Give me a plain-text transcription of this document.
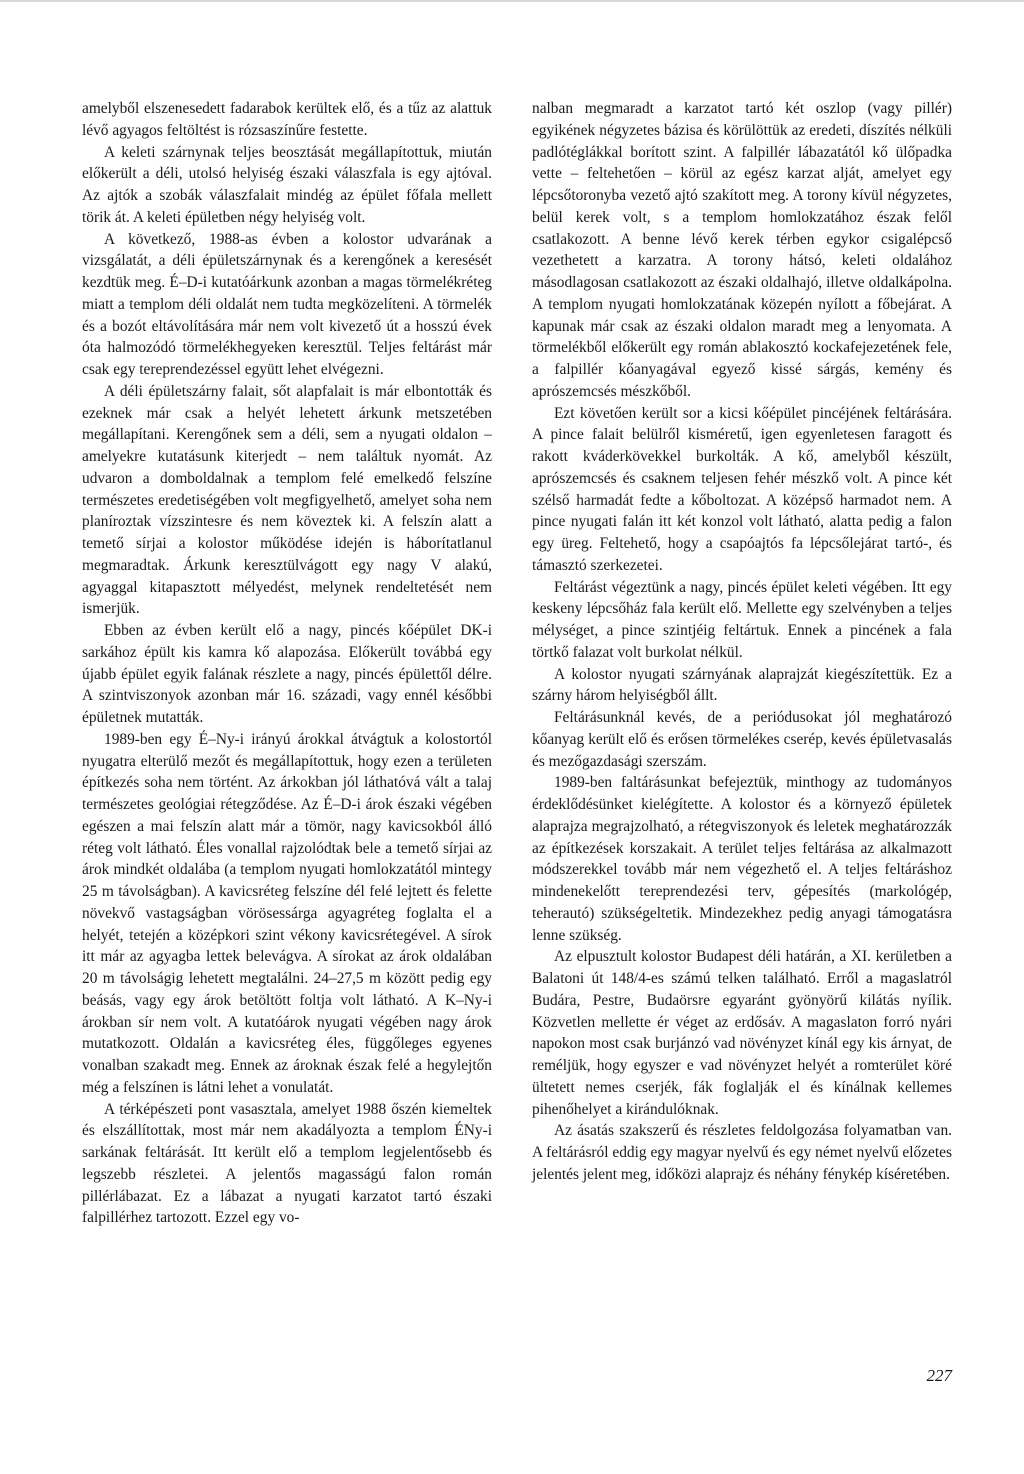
amelyből elszenesedett fadarabok kerültek elő, és a tűz az alattuk lévő agyagos feltöltést is rózsaszínűre festette.

A keleti szárnynak teljes beosztását megállapítottuk, miután előkerült a déli, utolsó helyiség északi válaszfala is egy ajtóval. Az ajtók a szobák válaszfalait mindég az épület főfala mellett törik át. A keleti épületben négy helyiség volt.

A következő, 1988-as évben a kolostor udvarának a vizsgálatát, a déli épületszárnynak és a kerengőnek a keresését kezdtük meg. É–D-i kutatóárkunk azonban a magas törmelékréteg miatt a templom déli oldalát nem tudta megközelíteni. A törmelék és a bozót eltávolítására már nem volt kivezető út a hosszú évek óta halmozódó törmelékhegyeken keresztül. Teljes feltárást már csak egy tereprendezéssel együtt lehet elvégezni.

A déli épületszárny falait, sőt alapfalait is már elbontották és ezeknek már csak a helyét lehetett árkunk metszetében megállapítani. Kerengőnek sem a déli, sem a nyugati oldalon – amelyekre kutatásunk kiterjedt – nem találtuk nyomát. Az udvaron a domboldalnak a templom felé emelkedő felszíne természetes eredetiségében volt megfigyelhető, amelyet soha nem planíroztak vízszintesre és nem köveztek ki. A felszín alatt a temető sírjai a kolostor működése idején is háborítatlanul megmaradtak. Árkunk keresztülvágott egy nagy V alakú, agyaggal kitapasztott mélyedést, melynek rendeltetését nem ismerjük.

Ebben az évben került elő a nagy, pincés kőépület DK-i sarkához épült kis kamra kő alapozása. Előkerült továbbá egy újabb épület egyik falának részlete a nagy, pincés épülettől délre. A szintviszonyok azonban már 16. századi, vagy ennél későbbi épületnek mutatták.

1989-ben egy É–Ny-i irányú árokkal átvágtuk a kolostortól nyugatra elterülő mezőt és megállapítottuk, hogy ezen a területen építkezés soha nem történt. Az árkokban jól láthatóvá vált a talaj természetes geológiai rétegződése. Az É–D-i árok északi végében egészen a mai felszín alatt már a tömör, nagy kavicsokból álló réteg volt látható. Éles vonallal rajzolódtak bele a temető sírjai az árok mindkét oldalába (a templom nyugati homlokzatától mintegy 25 m távolságban). A kavicsréteg felszíne dél felé lejtett és felette növekvő vastagságban vörösessárga agyagréteg foglalta el a helyét, tetején a középkori szint vékony kavicsrétegével. A sírok itt már az agyagba lettek belevágva. A sírokat az árok oldalában 20 m távolságig lehetett megtalálni. 24–27,5 m között pedig egy beásás, vagy egy árok betöltött foltja volt látható. A K–Ny-i árokban sír nem volt. A kutatóárok nyugati végében nagy árok mutatkozott. Oldalán a kavicsréteg éles, függőleges egyenes vonalban szakadt meg. Ennek az ároknak észak felé a hegylejtőn még a felszínen is látni lehet a vonulatát.

A térképészeti pont vasasztala, amelyet 1988 őszén kiemeltek és elszállítottak, most már nem akadályozta a templom ÉNy-i sarkának feltárását. Itt került elő a templom legjelentősebb és legszebb részletei. A jelentős magasságú falon román pillérlábazat. Ez a lábazat a nyugati karzatot tartó északi falpillérhez tartozott. Ezzel egy vo-

nalban megmaradt a karzatot tartó két oszlop (vagy pillér) egyikének négyzetes bázisa és körülöttük az eredeti, díszítés nélküli padlótéglákkal borított szint. A falpillér lábazatától kő ülőpadka vette – feltehetően – körül az egész karzat alját, amelyet egy lépcsőtoronyba vezető ajtó szakított meg. A torony kívül négyzetes, belül kerek volt, s a templom homlokzatához észak felől csatlakozott. A benne lévő kerek térben egykor csigalépcső vezethetett a karzatra. A torony hátsó, keleti oldalához másodlagosan csatlakozott az északi oldalhajó, illetve oldalkápolna. A templom nyugati homlokzatának közepén nyílott a főbejárat. A kapunak már csak az északi oldalon maradt meg a lenyomata. A törmelékből előkerült egy román ablakosztó kockafejezetének fele, a falpillér kőanyagával egyező kissé sárgás, kemény és aprószemcsés mészkőből.

Ezt követően került sor a kicsi kőépület pincéjének feltárására. A pince falait belülről kisméretű, igen egyenletesen faragott és rakott kváderkövekkel burkolták. A kő, amelyből készült, aprószemcsés és csaknem teljesen fehér mészkő volt. A pince két szélső harmadát fedte a kőboltozat. A középső harmadot nem. A pince nyugati falán itt két konzol volt látható, alatta pedig a falon egy üreg. Feltehető, hogy a csapóajtós fa lépcsőlejárat tartó-, és támasztó szerkezetei.

Feltárást végeztünk a nagy, pincés épület keleti végében. Itt egy keskeny lépcsőház fala került elő. Mellette egy szelvényben a teljes mélységet, a pince szintjéig feltártuk. Ennek a pincének a fala törtkő falazat volt burkolat nélkül.

A kolostor nyugati szárnyának alaprajzát kiegészítettük. Ez a szárny három helyiségből állt.

Feltárásunknál kevés, de a periódusokat jól meghatározó kőanyag került elő és erősen törmelékes cserép, kevés épületvasalás és mezőgazdasági szerszám.

1989-ben faltárásunkat befejeztük, minthogy az tudományos érdeklődésünket kielégítette. A kolostor és a környező épületek alaprajza megrajzolható, a rétegviszonyok és leletek meghatározzák az építkezések korszakait. A terület teljes feltárása az alkalmazott módszerekkel tovább már nem végezhető el. A teljes feltáráshoz mindenekelőtt tereprendezési terv, gépesítés (markológép, teherautó) szükségeltetik. Mindezekhez pedig anyagi támogatásra lenne szükség.

Az elpusztult kolostor Budapest déli határán, a XI. kerületben a Balatoni út 148/4-es számú telken található. Erről a magaslatról Budára, Pestre, Budaörsre egyaránt gyönyörű kilátás nyílik. Közvetlen mellette ér véget az erdősáv. A magaslaton forró nyári napokon most csak burjánzó vad növényzet kínál egy kis árnyat, de reméljük, hogy egyszer e vad növényzet helyét a romterület köré ültetett nemes cserjék, fák foglalják el és kínálnak kellemes pihenőhelyet a kirándulóknak.

Az ásatás szakszerű és részletes feldolgozása folyamatban van. A feltárásról eddig egy magyar nyelvű és egy német nyelvű előzetes jelentés jelent meg, időközi alaprajz és néhány fénykép kíséretében.

227
